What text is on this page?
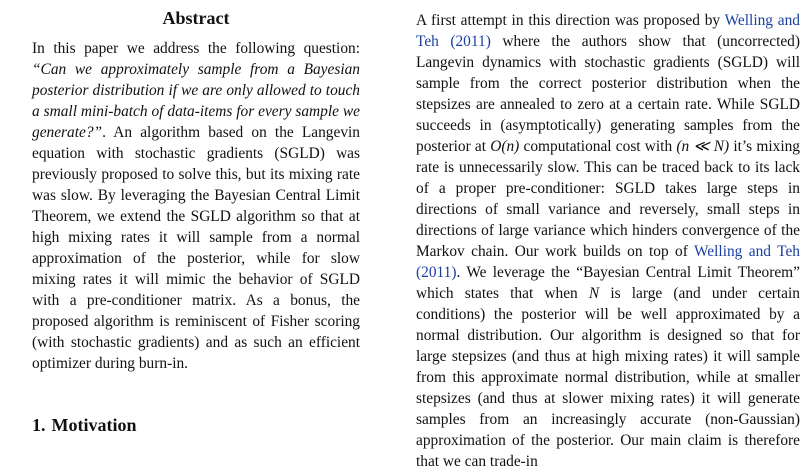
Abstract

In this paper we address the following question: “Can we approximately sample from a Bayesian posterior distribution if we are only allowed to touch a small mini-batch of data-items for every sample we generate?”. An algorithm based on the Langevin equation with stochastic gradients (SGLD) was previously proposed to solve this, but its mixing rate was slow. By leveraging the Bayesian Central Limit Theorem, we extend the SGLD algorithm so that at high mixing rates it will sample from a normal approximation of the posterior, while for slow mixing rates it will mimic the behavior of SGLD with a pre-conditioner matrix. As a bonus, the proposed algorithm is reminiscent of Fisher scoring (with stochastic gradients) and as such an efficient optimizer during burn-in.

1. Motivation

A first attempt in this direction was proposed by Welling and Teh (2011) where the authors show that (uncorrected) Langevin dynamics with stochastic gradients (SGLD) will sample from the correct posterior distribution when the stepsizes are annealed to zero at a certain rate. While SGLD succeeds in (asymptotically) generating samples from the posterior at O(n) computational cost with (n ≪ N) it’s mixing rate is unnecessarily slow. This can be traced back to its lack of a proper pre-conditioner: SGLD takes large steps in directions of small variance and reversely, small steps in directions of large variance which hinders convergence of the Markov chain. Our work builds on top of Welling and Teh (2011). We leverage the “Bayesian Central Limit Theorem” which states that when N is large (and under certain conditions) the posterior will be well approximated by a normal distribution. Our algorithm is designed so that for large stepsizes (and thus at high mixing rates) it will sample from this approximate normal distribution, while at smaller stepsizes (and thus at slower mixing rates) it will generate samples from an increasingly accurate (non-Gaussian) approximation of the posterior. Our main claim is therefore that we can trade-in
